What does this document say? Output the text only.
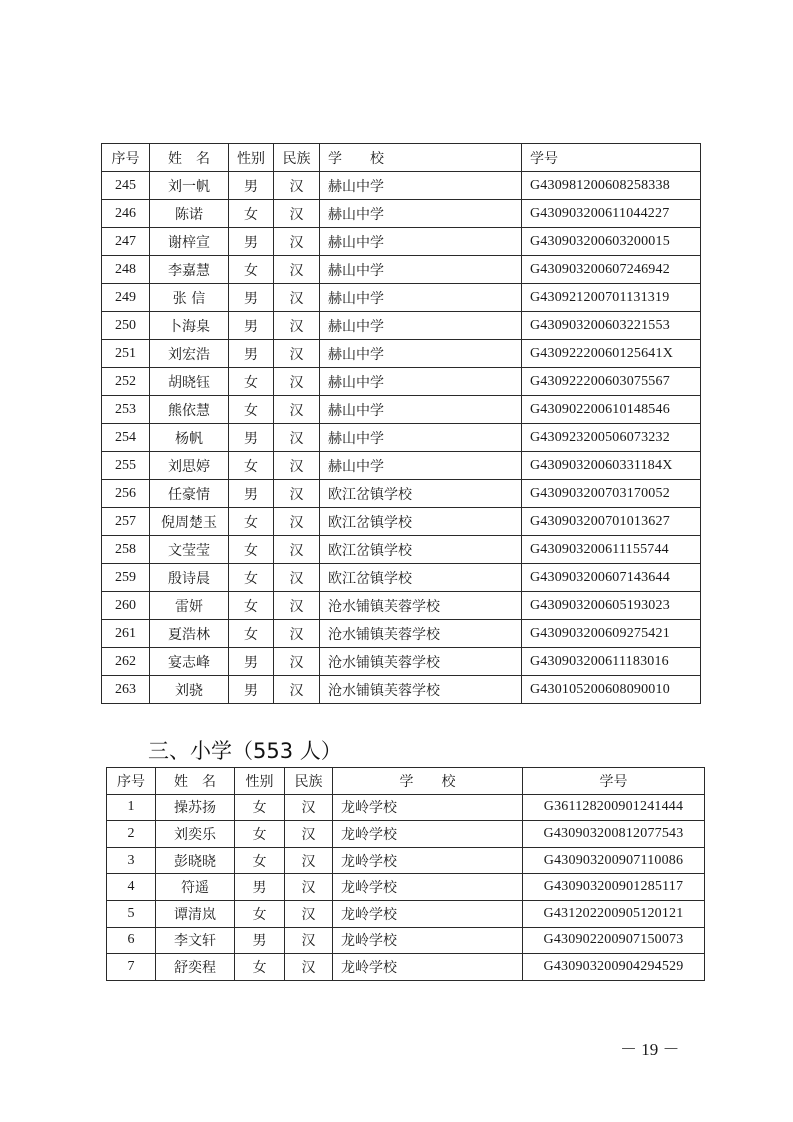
序号	姓　名	性别	民族	学　　校	学号
245	刘一帆	男	汉	赫山中学	G430981200608258338
246	陈诺	女	汉	赫山中学	G430903200611044227
247	谢梓宣	男	汉	赫山中学	G430903200603200015
248	李嘉慧	女	汉	赫山中学	G430903200607246942
249	张 信	男	汉	赫山中学	G430921200701131319
250	卜海臬	男	汉	赫山中学	G430903200603221553
251	刘宏浩	男	汉	赫山中学	G43092220060125641X
252	胡晓钰	女	汉	赫山中学	G430922200603075567
253	熊依慧	女	汉	赫山中学	G430902200610148546
254	杨帆	男	汉	赫山中学	G430923200506073232
255	刘思婷	女	汉	赫山中学	G43090320060331184X
256	任豪情	男	汉	欧江岔镇学校	G430903200703170052
257	倪周楚玉	女	汉	欧江岔镇学校	G430903200701013627
258	文莹莹	女	汉	欧江岔镇学校	G430903200611155744
259	殷诗晨	女	汉	欧江岔镇学校	G430903200607143644
260	雷妍	女	汉	沧水铺镇芙蓉学校	G430903200605193023
261	夏浩林	女	汉	沧水铺镇芙蓉学校	G430903200609275421
262	宴志峰	男	汉	沧水铺镇芙蓉学校	G430903200611183016
263	刘骁	男	汉	沧水铺镇芙蓉学校	G430105200608090010
三、小学（553 人）
序号	姓　名	性别	民族	学　　校	学号
1	操苏扬	女	汉	龙岭学校	G361128200901241444
2	刘奕乐	女	汉	龙岭学校	G430903200812077543
3	彭晓晓	女	汉	龙岭学校	G430903200907110086
4	符遥	男	汉	龙岭学校	G430903200901285117
5	谭清岚	女	汉	龙岭学校	G431202200905120121
6	李文轩	男	汉	龙岭学校	G430902200907150073
7	舒奕程	女	汉	龙岭学校	G430903200904294529
－ 19 －
